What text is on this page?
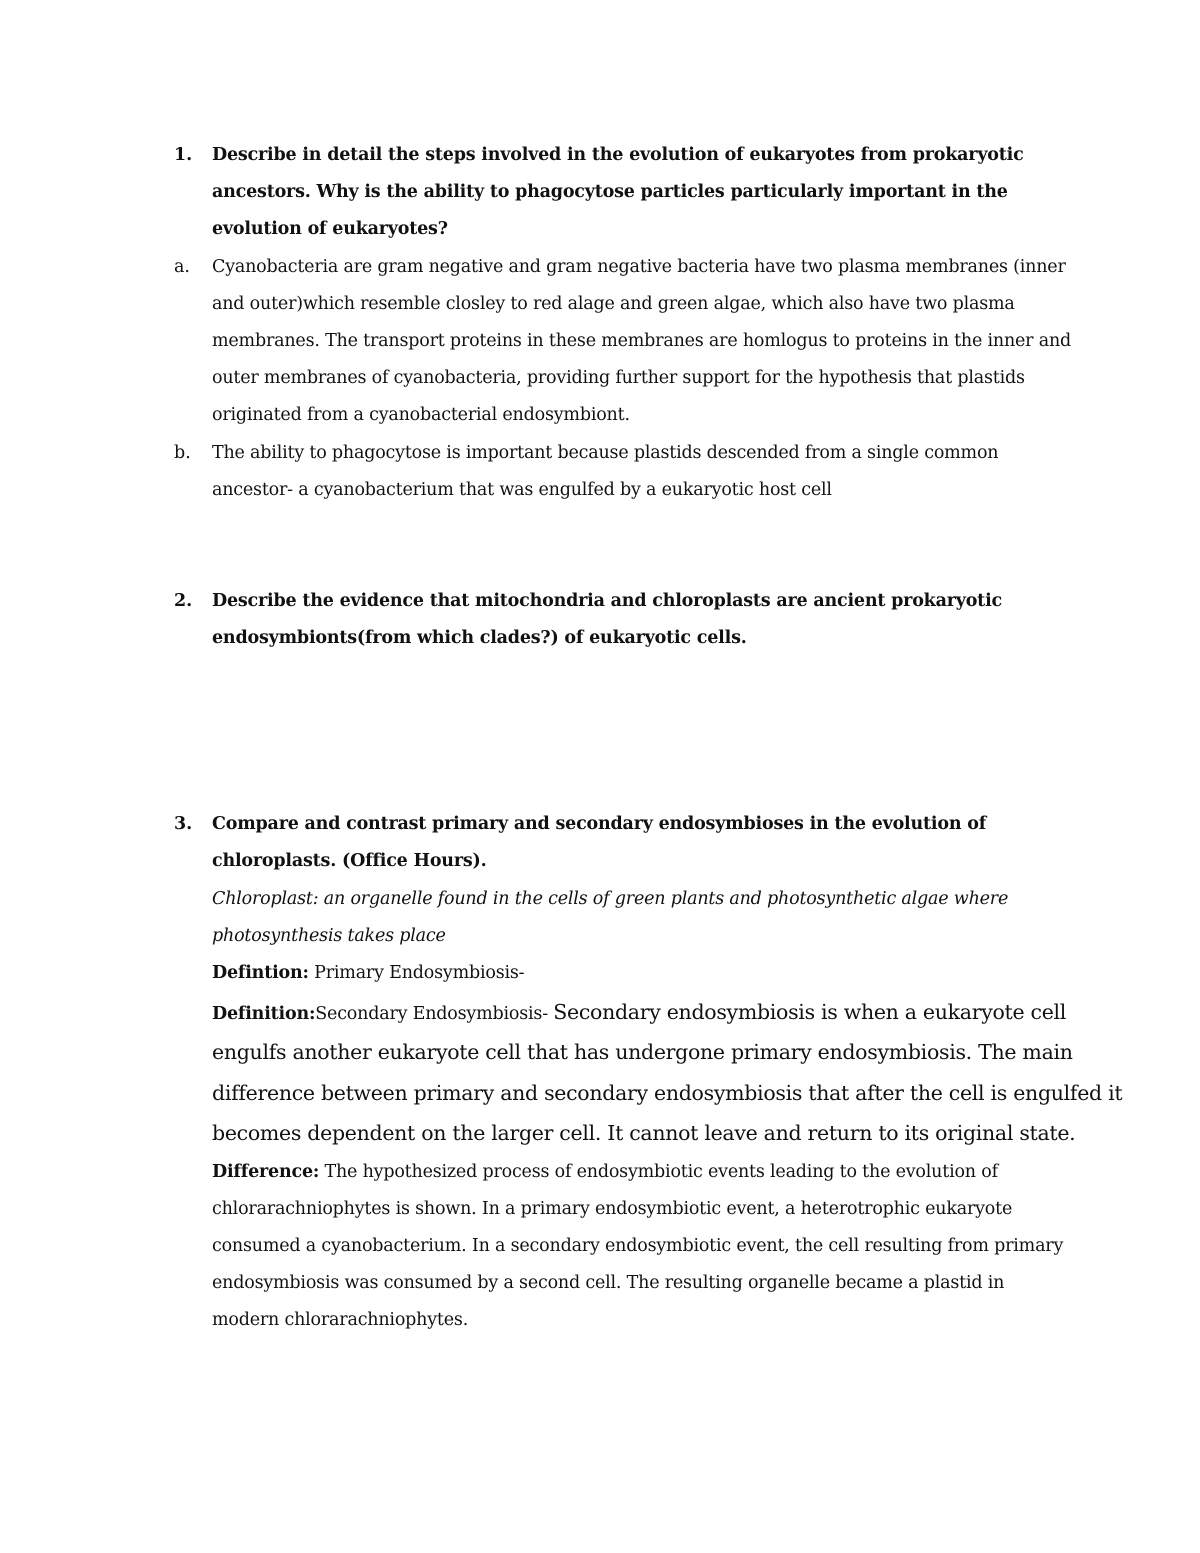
1. Describe in detail the steps involved in the evolution of eukaryotes from prokaryotic
ancestors. Why is the ability to phagocytose particles particularly important in the
evolution of eukaryotes?
a. Cyanobacteria are gram negative and gram negative bacteria have two plasma membranes (inner
and outer)which resemble closley to red alage and green algae, which also have two plasma
membranes. The transport proteins in these membranes are homlogus to proteins in the inner and
outer membranes of cyanobacteria, providing further support for the hypothesis that plastids
originated from a cyanobacterial endosymbiont.
b. The ability to phagocytose is important because plastids descended from a single common
ancestor- a cyanobacterium that was engulfed by a eukaryotic host cell
2. Describe the evidence that mitochondria and chloroplasts are ancient prokaryotic
endosymbionts(from which clades?) of eukaryotic cells.
3. Compare and contrast primary and secondary endosymbioses in the evolution of
chloroplasts. (Office Hours).
Chloroplast: an organelle found in the cells of green plants and photosynthetic algae where
photosynthesis takes place
Defintion: Primary Endosymbiosis-
Definition:Secondary Endosymbiosis- Secondary endosymbiosis is when a eukaryote cell
engulfs another eukaryote cell that has undergone primary endosymbiosis. The main
difference between primary and secondary endosymbiosis that after the cell is engulfed it
becomes dependent on the larger cell. It cannot leave and return to its original state.
Difference: The hypothesized process of endosymbiotic events leading to the evolution of
chlorarachniophytes is shown. In a primary endosymbiotic event, a heterotrophic eukaryote
consumed a cyanobacterium. In a secondary endosymbiotic event, the cell resulting from primary
endosymbiosis was consumed by a second cell. The resulting organelle became a plastid in
modern chlorarachniophytes.
